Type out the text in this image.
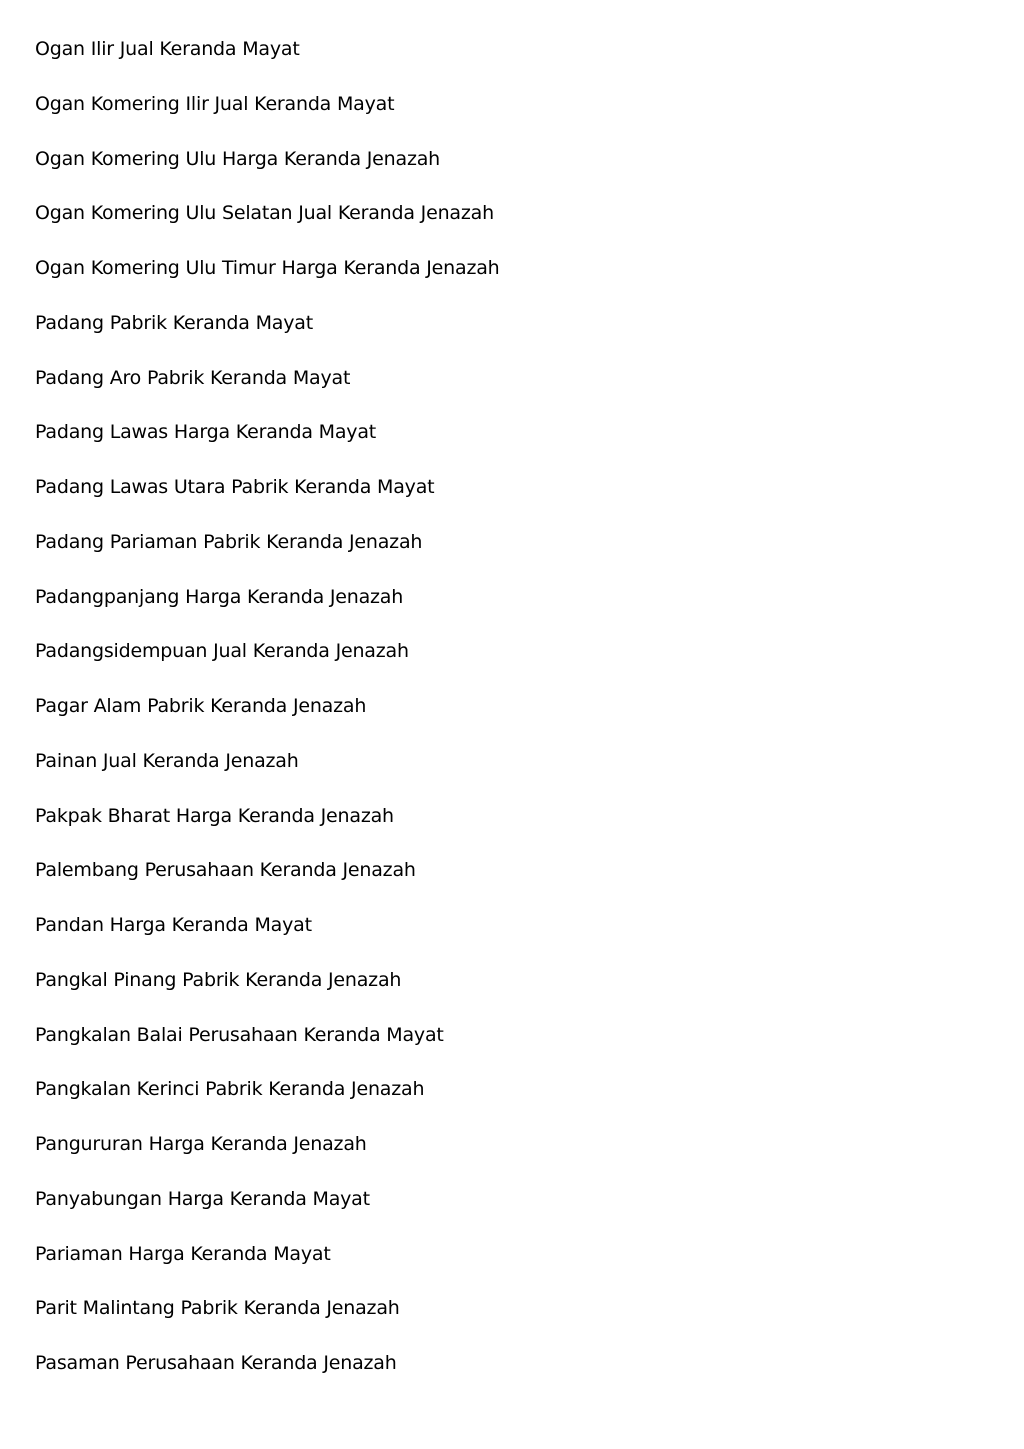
Ogan Ilir Jual Keranda Mayat
Ogan Komering Ilir Jual Keranda Mayat
Ogan Komering Ulu Harga Keranda Jenazah
Ogan Komering Ulu Selatan Jual Keranda Jenazah
Ogan Komering Ulu Timur Harga Keranda Jenazah
Padang Pabrik Keranda Mayat
Padang Aro Pabrik Keranda Mayat
Padang Lawas Harga Keranda Mayat
Padang Lawas Utara Pabrik Keranda Mayat
Padang Pariaman Pabrik Keranda Jenazah
Padangpanjang Harga Keranda Jenazah
Padangsidempuan Jual Keranda Jenazah
Pagar Alam Pabrik Keranda Jenazah
Painan Jual Keranda Jenazah
Pakpak Bharat Harga Keranda Jenazah
Palembang Perusahaan Keranda Jenazah
Pandan Harga Keranda Mayat
Pangkal Pinang Pabrik Keranda Jenazah
Pangkalan Balai Perusahaan Keranda Mayat
Pangkalan Kerinci Pabrik Keranda Jenazah
Pangururan Harga Keranda Jenazah
Panyabungan Harga Keranda Mayat
Pariaman Harga Keranda Mayat
Parit Malintang Pabrik Keranda Jenazah
Pasaman Perusahaan Keranda Jenazah
